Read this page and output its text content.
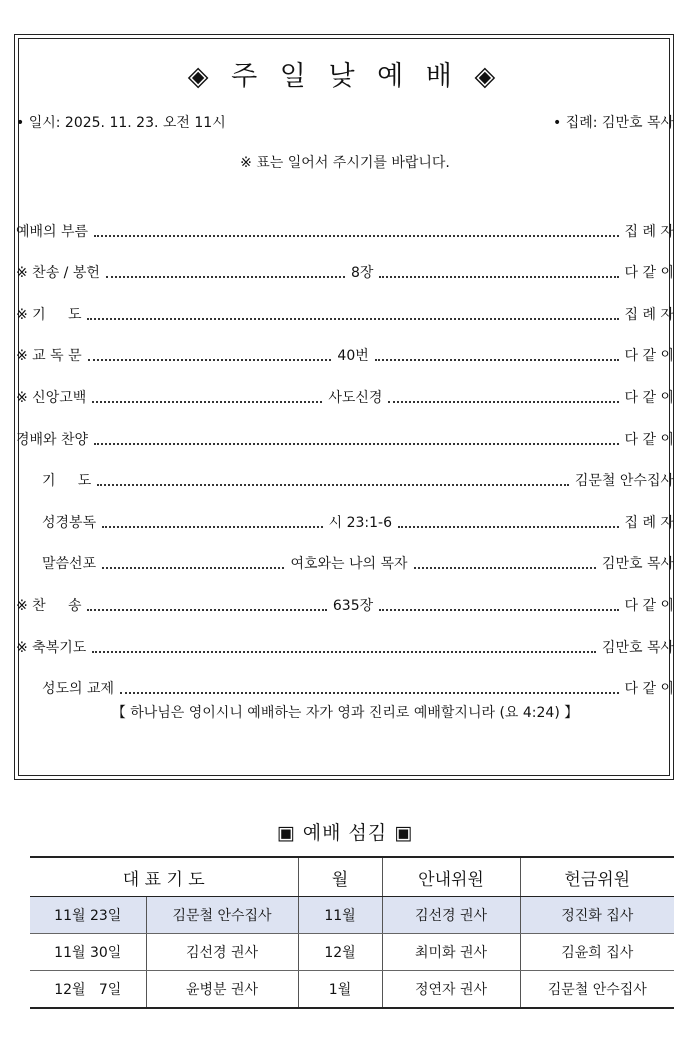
◈ 주 일 낮 예 배 ◈
• 일시: 2025. 11. 23. 오전 11시	• 집례: 김만호 목사
※ 표는 일어서 주시기를 바랍니다.
예배의 부름	집 례 자
※ 찬송 / 봉헌	8장	다 같 이
※ 기     도	집 례 자
※ 교 독 문	40번	다 같 이
※ 신앙고백	사도신경	다 같 이
경배와 찬양	다 같 이
기     도	김문철 안수집사
성경봉독	시 23:1-6	집 례 자
말씀선포	여호와는 나의 목자	김만호 목사
※ 찬     송	635장	다 같 이
※ 축복기도	김만호 목사
성도의 교제	다 같 이
【 하나님은 영이시니 예배하는 자가 영과 진리로 예배할지니라 (요 4:24) 】
▣ 예배 섬김 ▣
대 표 기 도		월	안내위원	헌금위원
11월 23일	김문철 안수집사	11월	김선경 권사	정진화 집사
11월 30일	김선경 권사	12월	최미화 권사	김윤희 집사
12월   7일	윤병분 권사	1월	정연자 권사	김문철 안수집사
